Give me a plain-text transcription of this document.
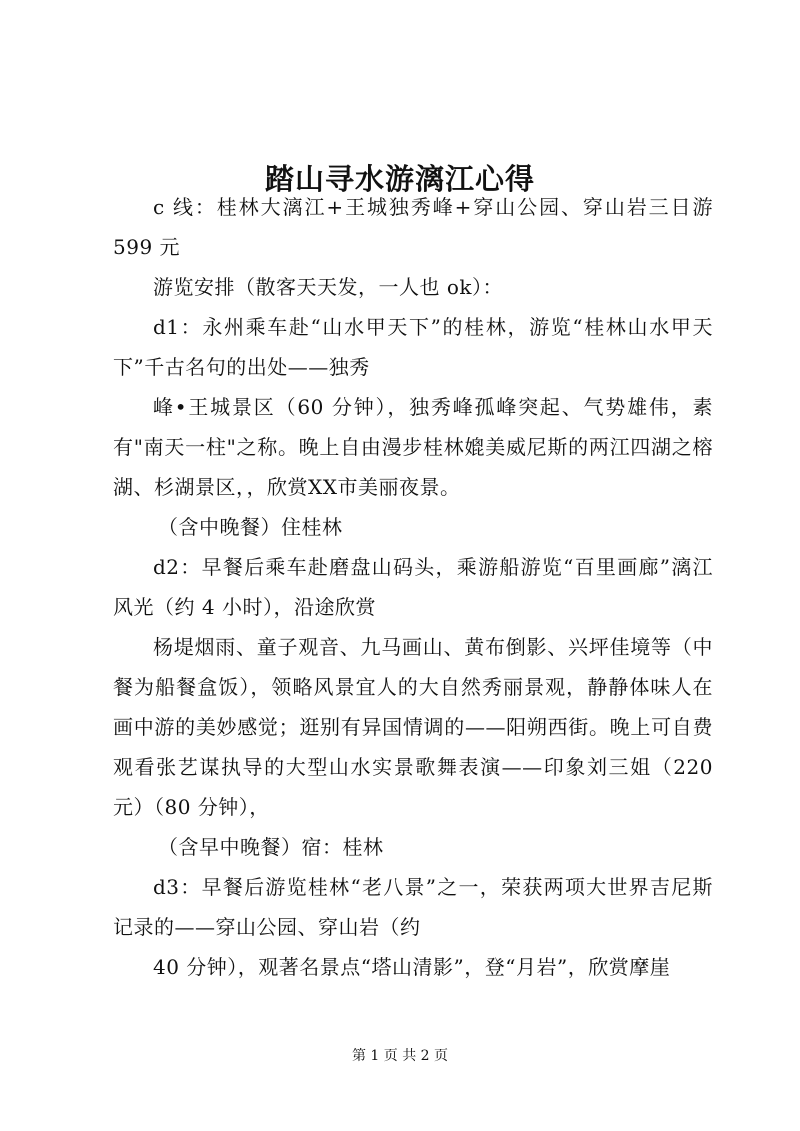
踏山寻水游漓江心得

c 线：桂林大漓江+王城独秀峰+穿山公园、穿山岩三日游 599 元

游览安排（散客天天发，一人也 ok）：

d1：永州乘车赴“山水甲天下”的桂林，游览“桂林山水甲天下”千古名句的出处——独秀

峰•王城景区（60 分钟），独秀峰孤峰突起、气势雄伟，素有"南天一柱"之称。晚上自由漫步桂林媲美威尼斯的两江四湖之榕湖、杉湖景区，，欣赏XX市美丽夜景。

（含中晚餐）住桂林

d2：早餐后乘车赴磨盘山码头，乘游船游览“百里画廊”漓江风光（约 4 小时），沿途欣赏

杨堤烟雨、童子观音、九马画山、黄布倒影、兴坪佳境等（中餐为船餐盒饭），领略风景宜人的大自然秀丽景观，静静体味人在画中游的美妙感觉；逛别有异国情调的——阳朔西街。晚上可自费观看张艺谋执导的大型山水实景歌舞表演——印象刘三姐（220 元）（80 分钟），

（含早中晚餐）宿：桂林

d3：早餐后游览桂林“老八景”之一，荣获两项大世界吉尼斯记录的——穿山公园、穿山岩（约

40 分钟），观著名景点“塔山清影”，登“月岩”，欣赏摩崖

第 1 页 共 2 页
